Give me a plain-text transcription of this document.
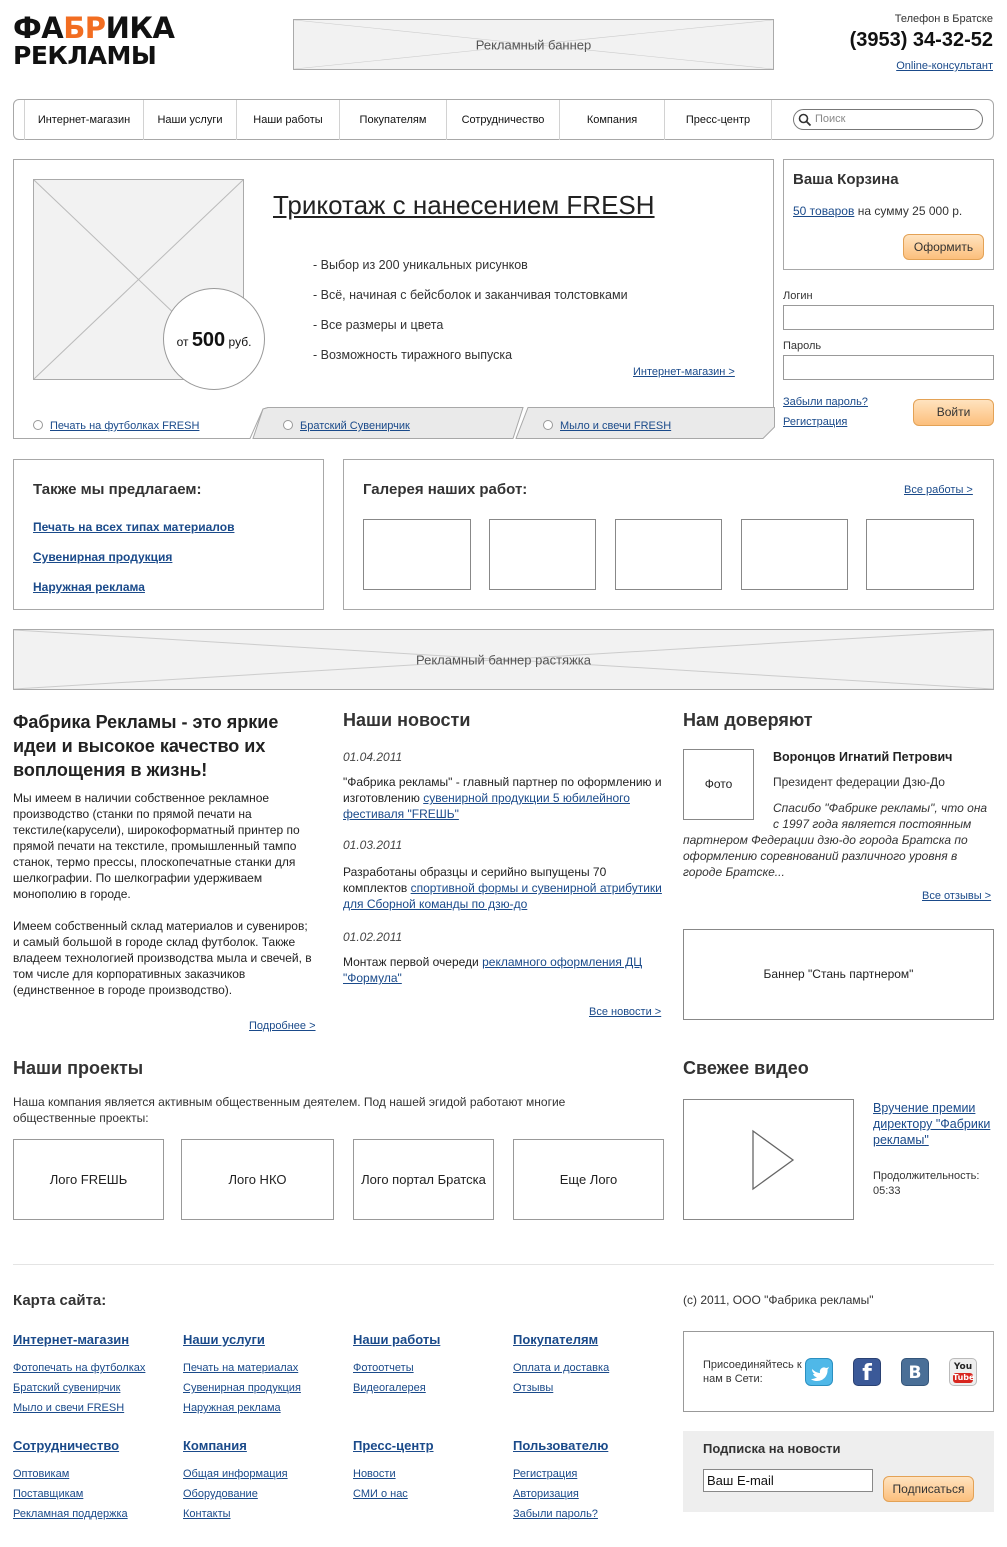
ФАБРИКА
РЕКЛАМЫ	Рекламный баннер
Телефон в Братске
(3953) 34-32-52
Online-консультант
Интернет-магазин	Наши услуги	Наши работы	Покупателям	Сотрудничество	Компания	Пресс-центр	Поиск
от 500 руб.
Трикотаж с нанесением FRESH
- Выбор из 200 уникальных рисунков
- Всё, начиная с бейсболок и заканчивая толстовками
- Все размеры и цвета
- Возможность тиражного выпуска
Интернет-магазин >
Печать на футболках FRESH	Братский Сувенирчик	Мыло и свечи FRESH
Ваша Корзина
50 товаров на сумму 25 000 р.
Оформить
Логин
Пароль
Забыли пароль?
Регистрация
Войти
Также мы предлагаем:
Печать на всех типах материалов
Сувенирная продукция
Наружная реклама
Галерея наших работ:	Все работы >
Рекламный баннер растяжка
Фабрика Рекламы - это яркие идеи и высокое качество их воплощения в жизнь!
Мы имеем в наличии собственное рекламное производство (станки по прямой печати на текстиле(карусели), широкоформатный принтер по прямой печати на текстиле, промышленный тампо станок, термо прессы, плоскопечатные станки для шелкографии. По шелкографии удерживаем монополию в городе.
Имеем собственный склад материалов и сувениров; и самый большой в городе склад футболок. Также владеем технологией производства мыла и свечей, в том числе для корпоративных заказчиков (единственное в городе производство).
Подробнее >
Наши новости
01.04.2011
"Фабрика рекламы" - главный партнер по оформлению и изготовлению сувенирной продукции 5 юбилейного фестиваля "FREШЬ"
01.03.2011
Разработаны образцы и серийно выпущены 70 комплектов спортивной формы и сувенирной атрибутики для Сборной команды по дзю-до
01.02.2011
Монтаж первой очереди рекламного оформления ДЦ "Формула"
Все новости >
Нам доверяют
Фото
Воронцов Игнатий Петрович
Президент федерации Дзю-До
Спасибо "Фабрике рекламы", что она с 1997 года является постоянным партнером Федерации дзю-до города Братска по оформлению соревнований различного уровня в городе Братске...
Все отзывы >
Баннер "Стань партнером"
Наши проекты
Наша компания является активным общественным деятелем. Под нашей эгидой работают многие общественные проекты:
Лого FREШЬ	Лого НКО	Лого портал Братска	Еще Лого
Свежее видео
Вручение премии директору "Фабрики рекламы"
Продолжительность:
05:33
Карта сайта:
Интернет-магазин
Фотопечать на футболках
Братский сувенирчик
Мыло и свечи FRESH
Наши услуги
Печать на материалах
Сувенирная продукция
Наружная реклама
Наши работы
Фотоотчеты
Видеогалерея
Покупателям
Оплата и доставка
Отзывы
Сотрудничество
Оптовикам
Поставщикам
Рекламная поддержка
Компания
Общая информация
Оборудование
Контакты
Пресс-центр
Новости
СМИ о нас
Пользователю
Регистрация
Авторизация
Забыли пароль?
(c) 2011, ООО "Фабрика рекламы"
Присоединяйтесь к нам в Сети:	f	B	You
Tube
Подписка на новости
Ваш E-mail
Подписаться
